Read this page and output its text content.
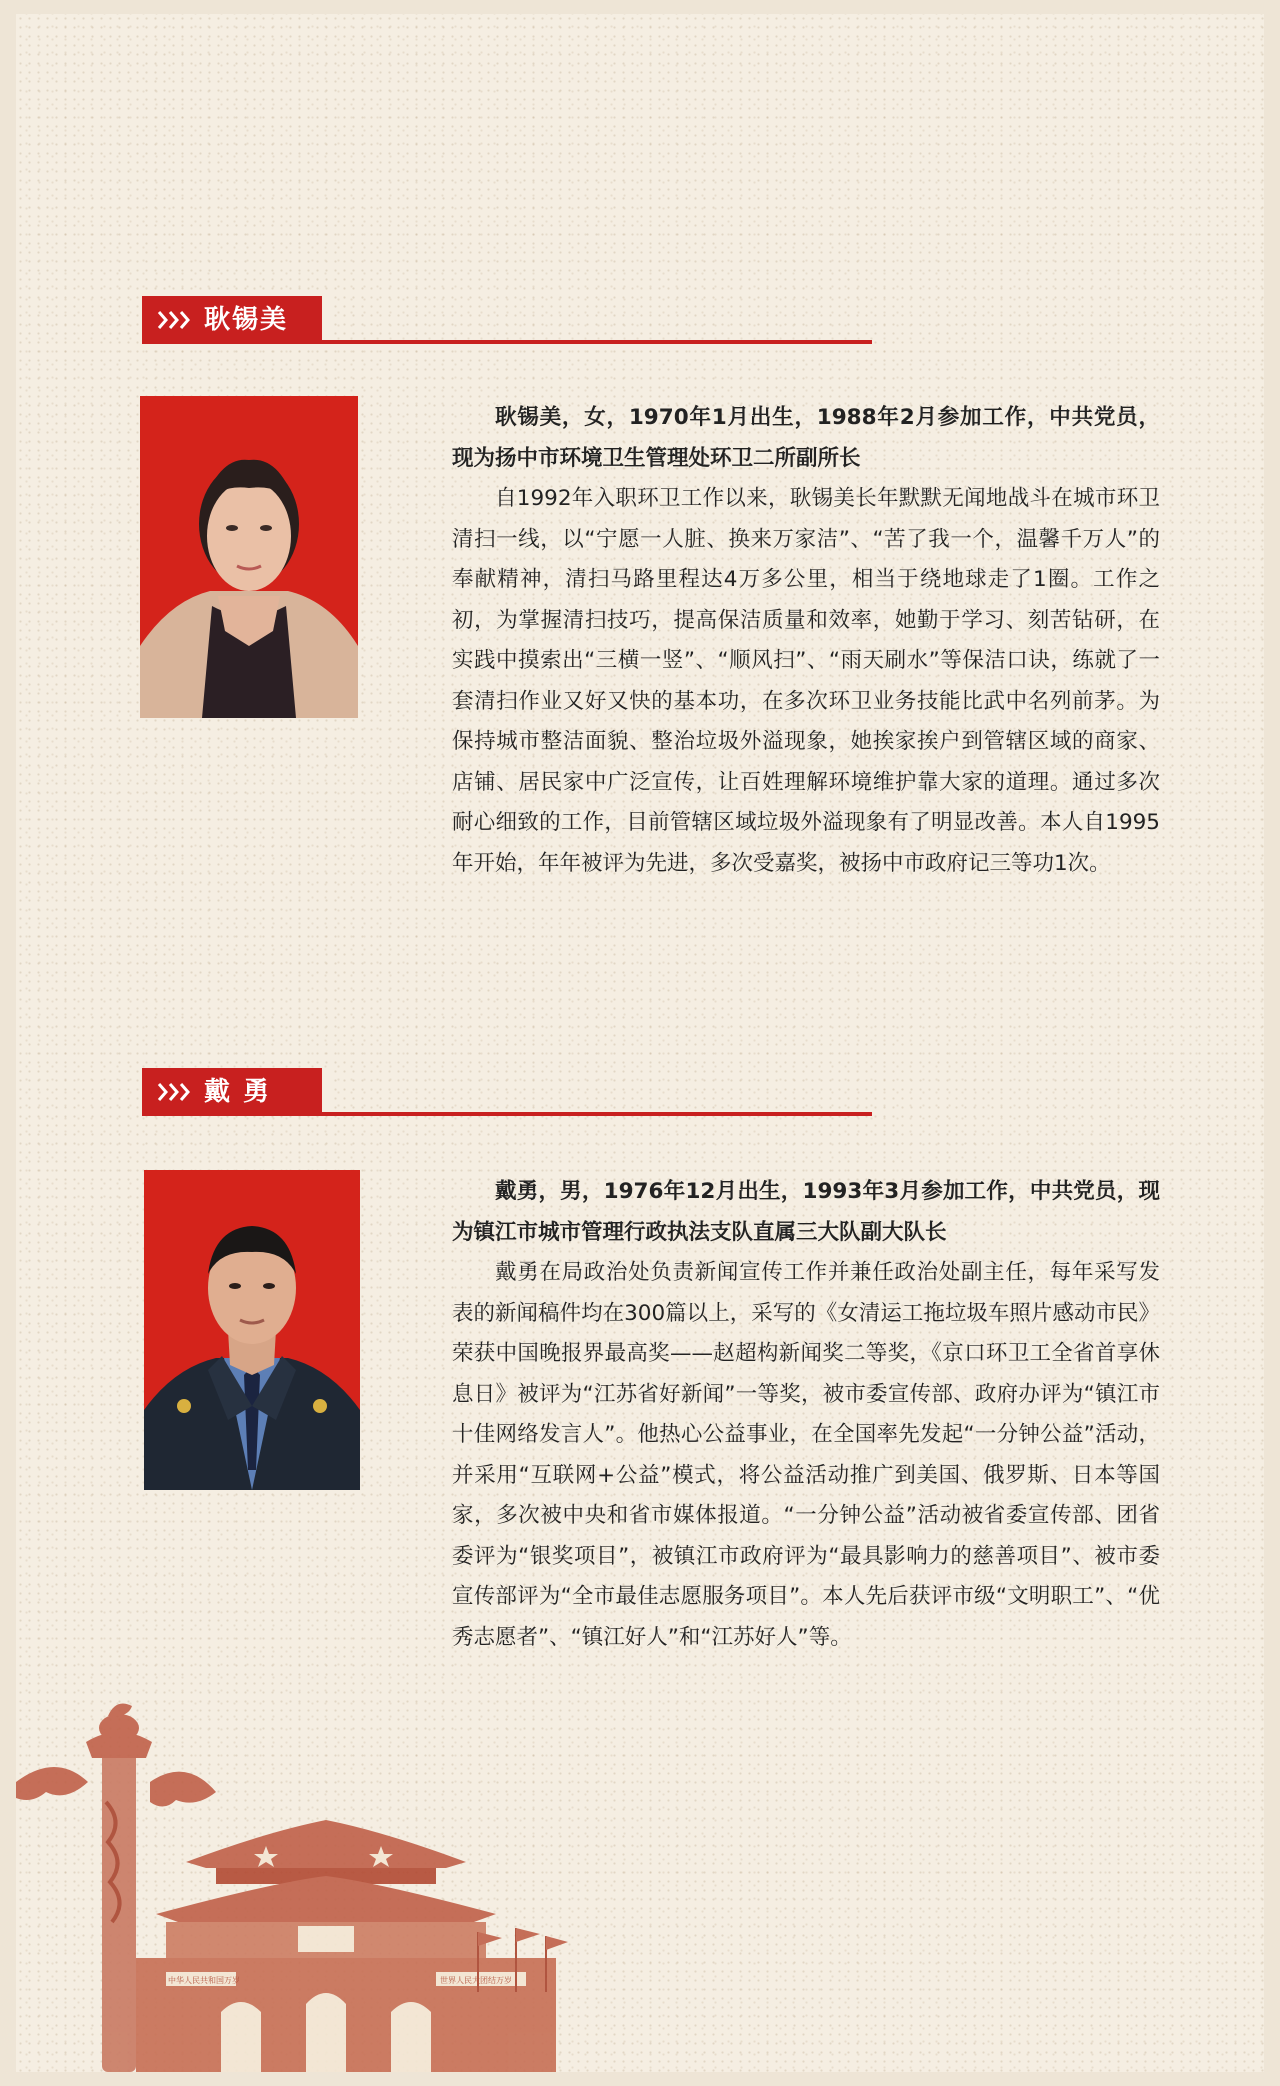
耿锡美

耿锡美，女，1970年1月出生，1988年2月参加工作，中共党员，现为扬中市环境卫生管理处环卫二所副所长

自1992年入职环卫工作以来，耿锡美长年默默无闻地战斗在城市环卫清扫一线，以“宁愿一人脏、换来万家洁”、“苦了我一个，温馨千万人”的奉献精神，清扫马路里程达4万多公里，相当于绕地球走了1圈。工作之初，为掌握清扫技巧，提高保洁质量和效率，她勤于学习、刻苦钻研，在实践中摸索出“三横一竖”、“顺风扫”、“雨天刷水”等保洁口诀，练就了一套清扫作业又好又快的基本功，在多次环卫业务技能比武中名列前茅。为保持城市整洁面貌、整治垃圾外溢现象，她挨家挨户到管辖区域的商家、店铺、居民家中广泛宣传，让百姓理解环境维护靠大家的道理。通过多次耐心细致的工作，目前管辖区域垃圾外溢现象有了明显改善。本人自1995年开始，年年被评为先进，多次受嘉奖，被扬中市政府记三等功1次。

戴 勇

戴勇，男，1976年12月出生，1993年3月参加工作，中共党员，现为镇江市城市管理行政执法支队直属三大队副大队长

戴勇在局政治处负责新闻宣传工作并兼任政治处副主任，每年采写发表的新闻稿件均在300篇以上，采写的《女清运工拖垃圾车照片感动市民》荣获中国晚报界最高奖——赵超构新闻奖二等奖，《京口环卫工全省首享休息日》被评为“江苏省好新闻”一等奖，被市委宣传部、政府办评为“镇江市十佳网络发言人”。他热心公益事业，在全国率先发起“一分钟公益”活动，并采用“互联网+公益”模式，将公益活动推广到美国、俄罗斯、日本等国家，多次被中央和省市媒体报道。“一分钟公益”活动被省委宣传部、团省委评为“银奖项目”，被镇江市政府评为“最具影响力的慈善项目”、被市委宣传部评为“全市最佳志愿服务项目”。本人先后获评市级“文明职工”、“优秀志愿者”、“镇江好人”和“江苏好人”等。

中华人民共和国万岁	世界人民大团结万岁
